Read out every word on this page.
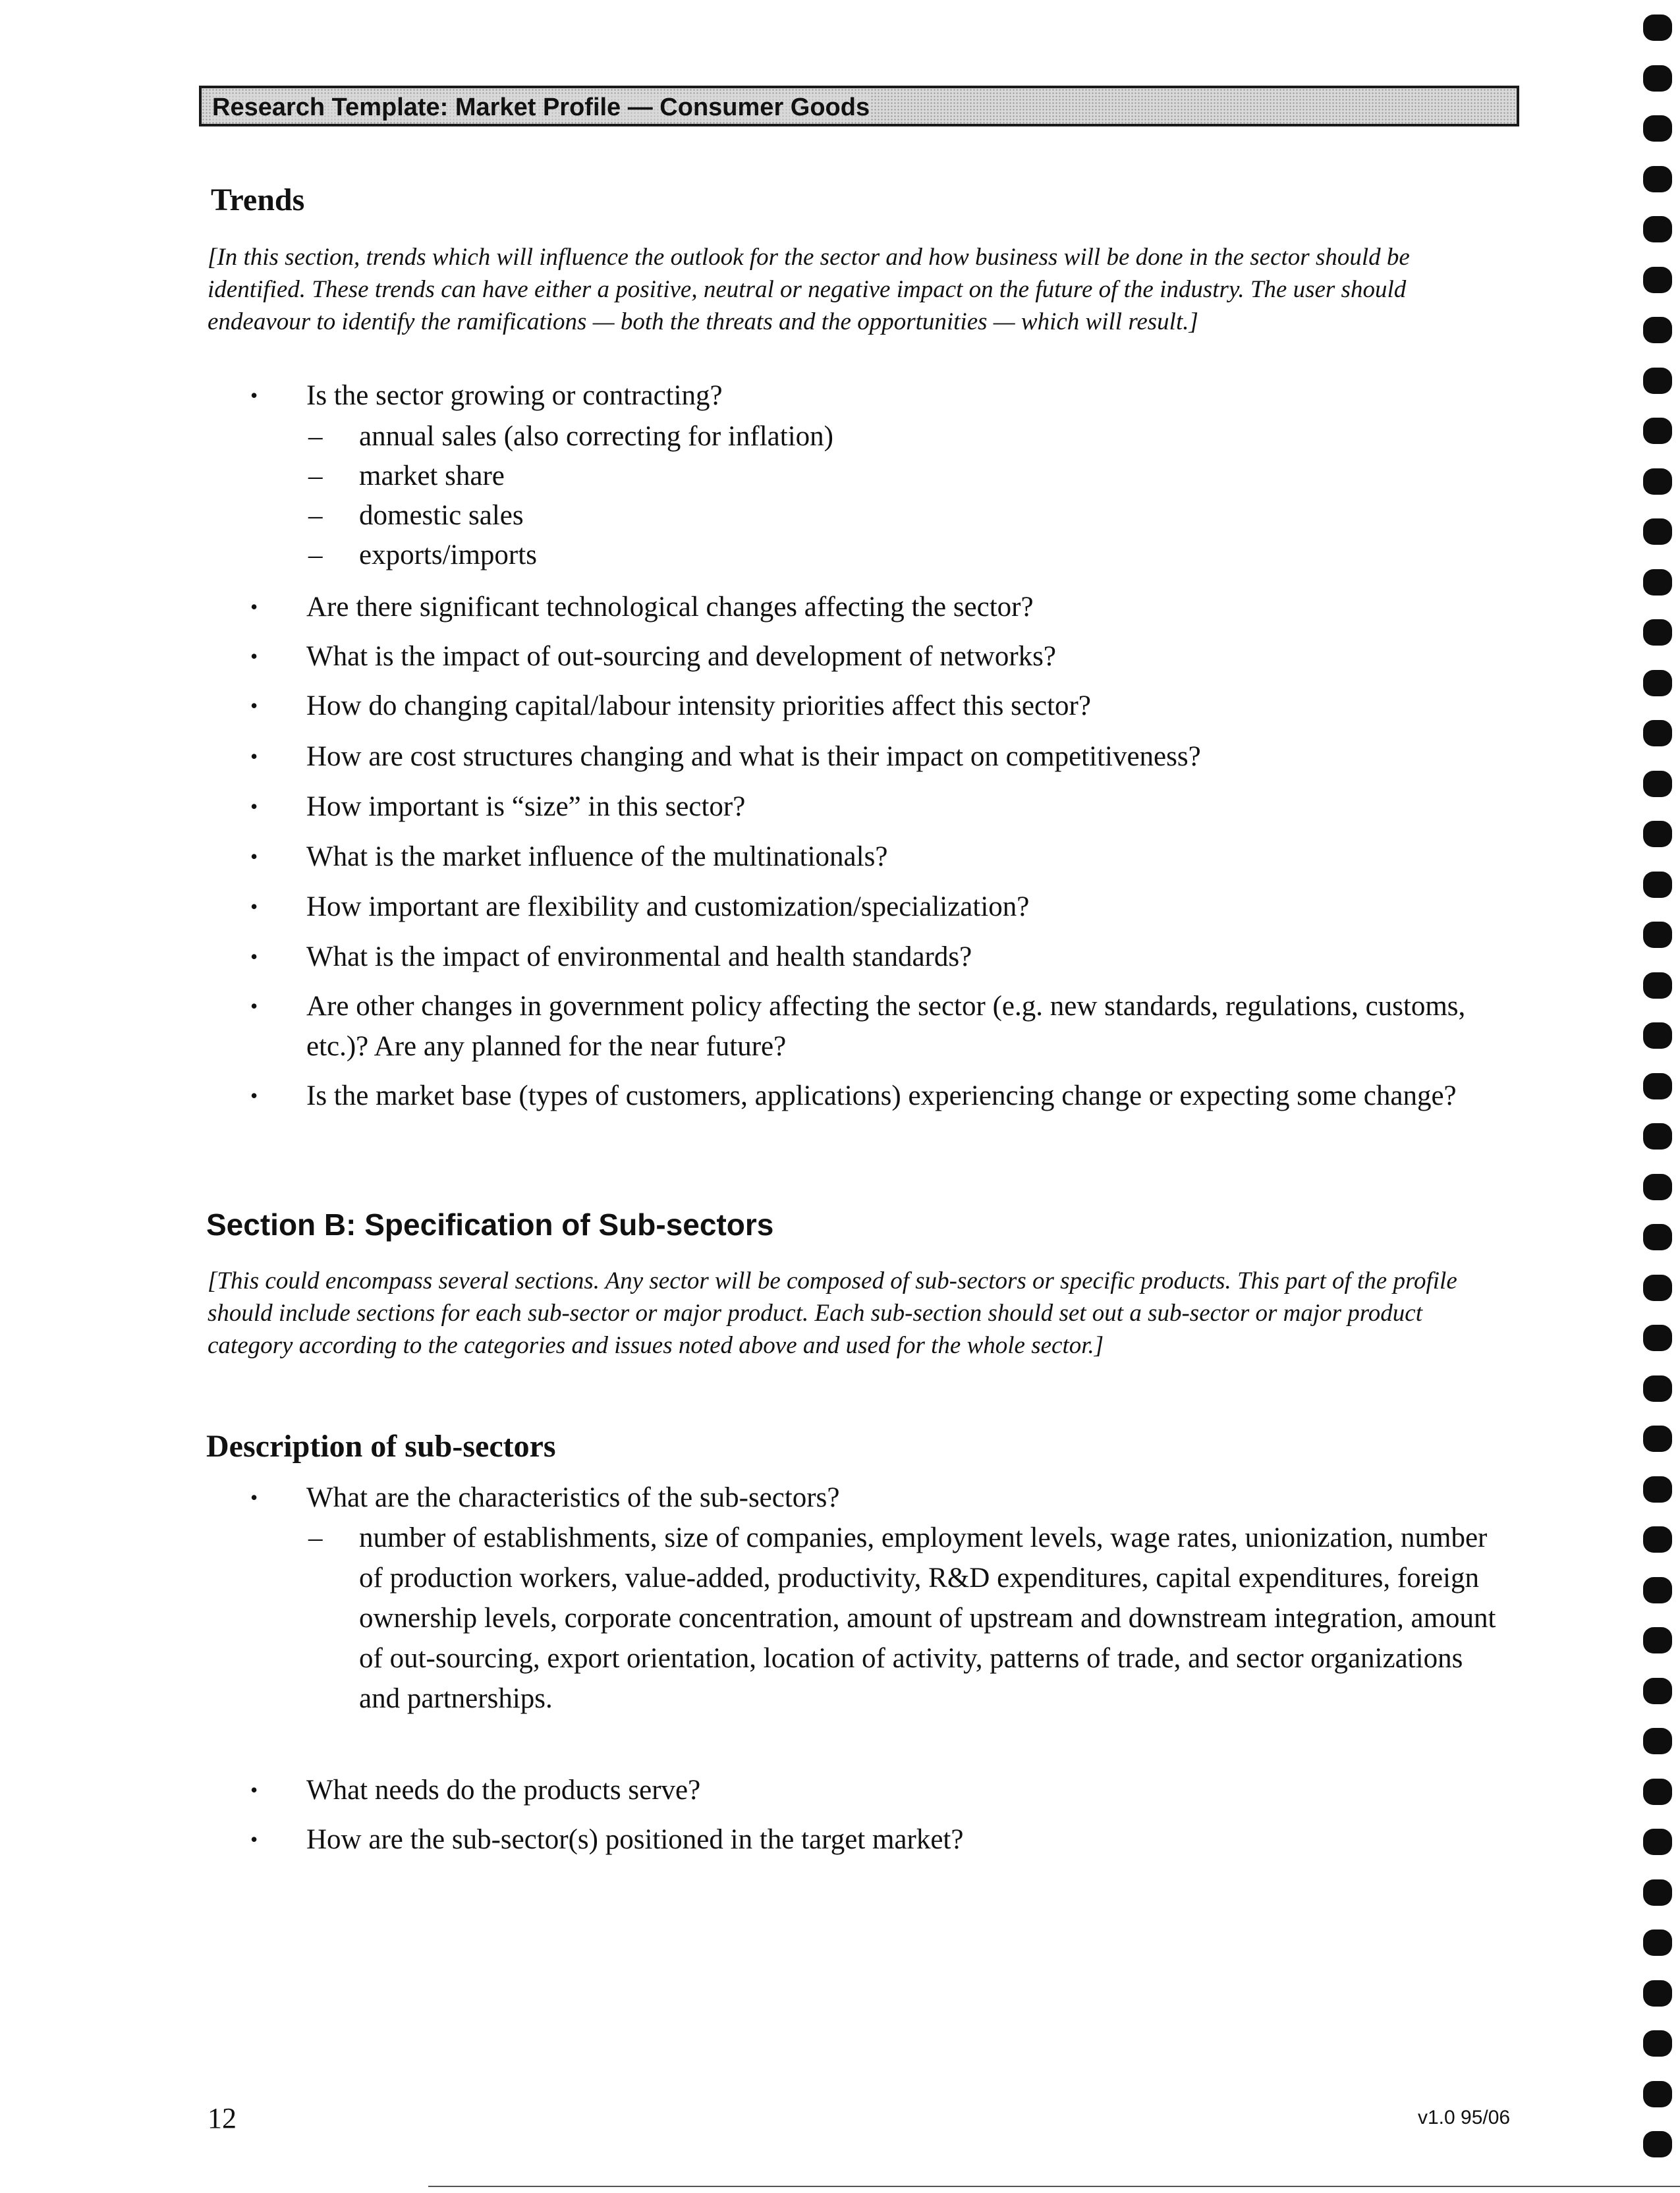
Research Template: Market Profile — Consumer Goods
Trends

[In this section, trends which will influence the outlook for the sector and how business will be done in the sector should be identified. These trends can have either a positive, neutral or negative impact on the future of the industry. The user should endeavour to identify the ramifications — both the threats and the opportunities — which will result.]

• Is the sector growing or contracting?
– annual sales (also correcting for inflation)
– market share
– domestic sales
– exports/imports
• Are there significant technological changes affecting the sector?
• What is the impact of out-sourcing and development of networks?
• How do changing capital/labour intensity priorities affect this sector?
• How are cost structures changing and what is their impact on competitiveness?
• How important is “size” in this sector?
• What is the market influence of the multinationals?
• How important are flexibility and customization/specialization?
• What is the impact of environmental and health standards?
• Are other changes in government policy affecting the sector (e.g. new standards, regulations, customs, etc.)? Are any planned for the near future?
• Is the market base (types of customers, applications) experiencing change or expecting some change?
Section B: Specification of Sub-sectors

[This could encompass several sections. Any sector will be composed of sub-sectors or specific products. This part of the profile should include sections for each sub-sector or major product. Each sub-section should set out a sub-sector or major product category according to the categories and issues noted above and used for the whole sector.]

Description of sub-sectors
• What are the characteristics of the sub-sectors?
– number of establishments, size of companies, employment levels, wage rates, unionization, number of production workers, value-added, productivity, R&D expenditures, capital expenditures, foreign ownership levels, corporate concentration, amount of upstream and downstream integration, amount of out-sourcing, export orientation, location of activity, patterns of trade, and sector organizations and partnerships.
• What needs do the products serve?
• How are the sub-sector(s) positioned in the target market?
12	v1.0 95/06
